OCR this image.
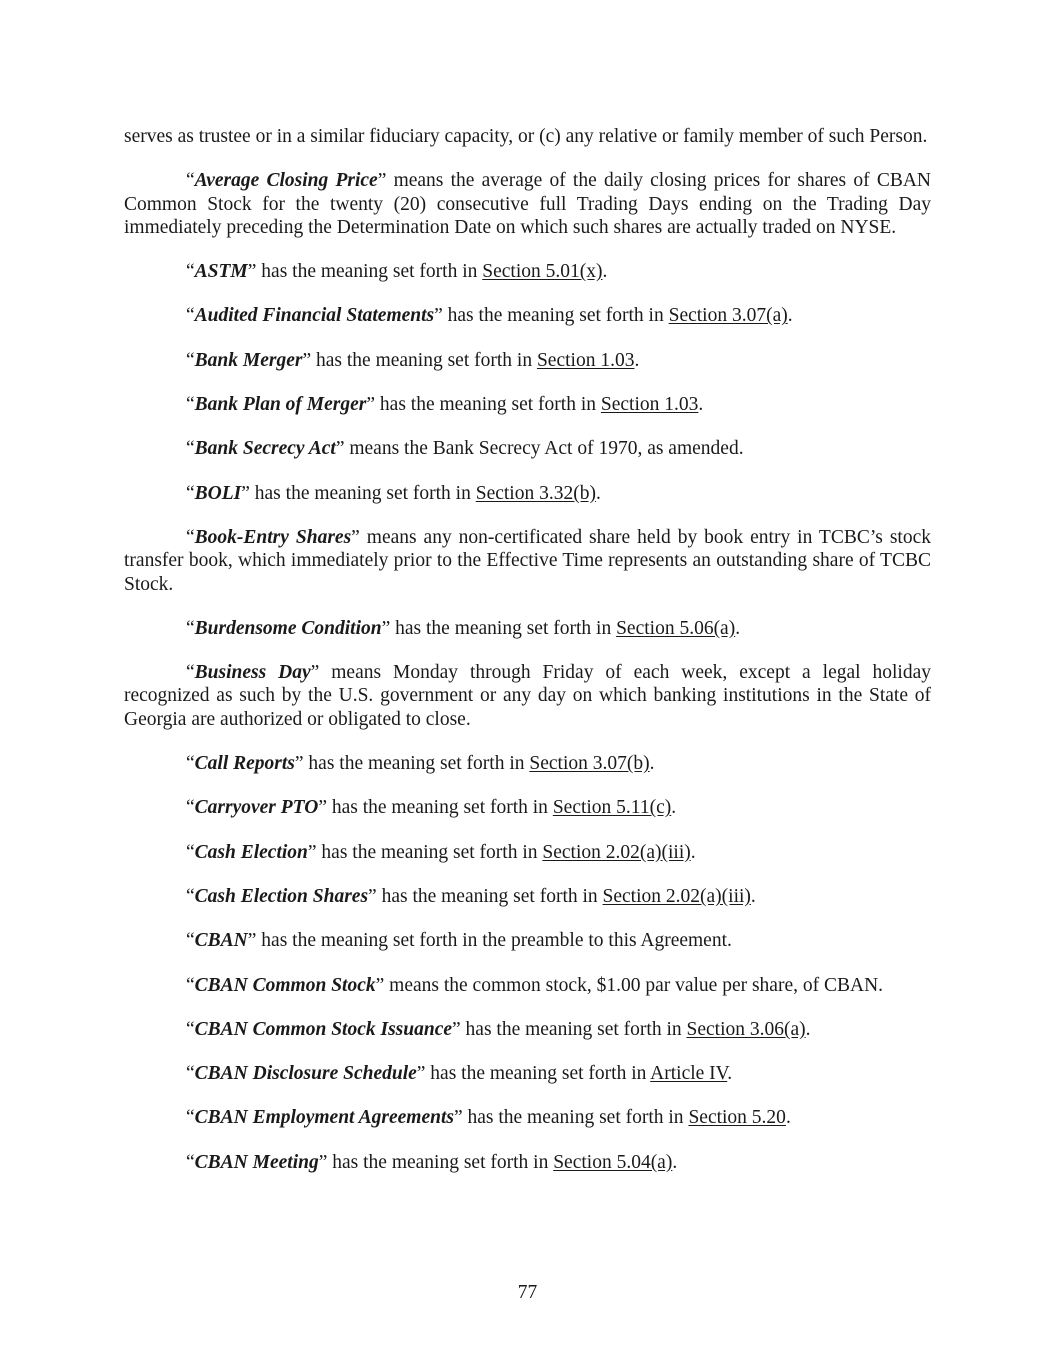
serves as trustee or in a similar fiduciary capacity, or (c) any relative or family member of such Person.

“Average Closing Price” means the average of the daily closing prices for shares of CBAN Common Stock for the twenty (20) consecutive full Trading Days ending on the Trading Day immediately preceding the Determination Date on which such shares are actually traded on NYSE.

“ASTM” has the meaning set forth in Section 5.01(x).

“Audited Financial Statements” has the meaning set forth in Section 3.07(a).

“Bank Merger” has the meaning set forth in Section 1.03.

“Bank Plan of Merger” has the meaning set forth in Section 1.03.

“Bank Secrecy Act” means the Bank Secrecy Act of 1970, as amended.

“BOLI” has the meaning set forth in Section 3.32(b).

“Book-Entry Shares” means any non-certificated share held by book entry in TCBC’s stock transfer book, which immediately prior to the Effective Time represents an outstanding share of TCBC Stock.

“Burdensome Condition” has the meaning set forth in Section 5.06(a).

“Business Day” means Monday through Friday of each week, except a legal holiday recognized as such by the U.S. government or any day on which banking institutions in the State of Georgia are authorized or obligated to close.

“Call Reports” has the meaning set forth in Section 3.07(b).

“Carryover PTO” has the meaning set forth in Section 5.11(c).

“Cash Election” has the meaning set forth in Section 2.02(a)(iii).

“Cash Election Shares” has the meaning set forth in Section 2.02(a)(iii).

“CBAN” has the meaning set forth in the preamble to this Agreement.

“CBAN Common Stock” means the common stock, $1.00 par value per share, of CBAN.

“CBAN Common Stock Issuance” has the meaning set forth in Section 3.06(a).

“CBAN Disclosure Schedule” has the meaning set forth in Article IV.

“CBAN Employment Agreements” has the meaning set forth in Section 5.20.

“CBAN Meeting” has the meaning set forth in Section 5.04(a).

77
